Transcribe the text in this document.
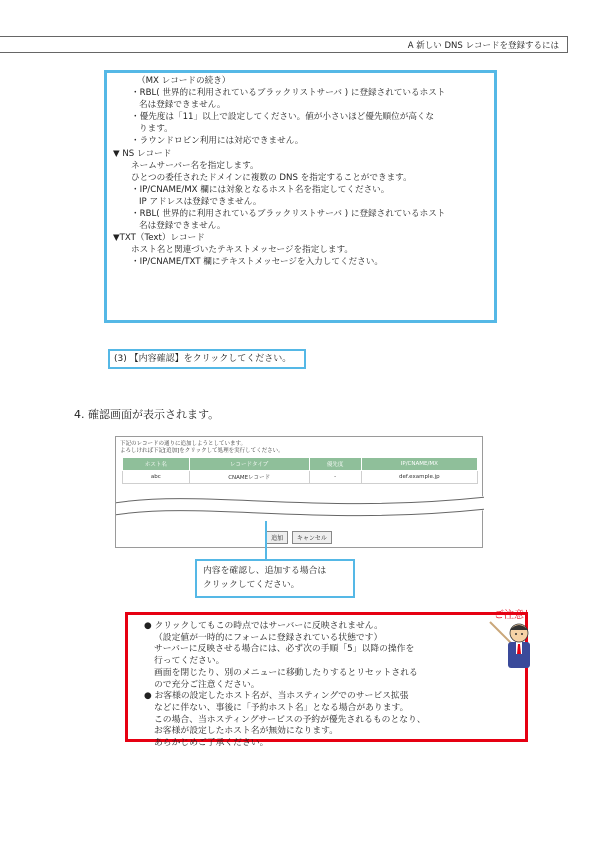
A 新しい DNS レコードを登録するには
（MX レコードの続き）
・RBL( 世界的に利用されているブラックリストサーバ ) に登録されているホスト
名は登録できません。
・優先度は「11」以上で設定してください。値が小さいほど優先順位が高くな
ります。
・ラウンドロビン利用には対応できません。
▼ NS レコード
ネームサーバー名を指定します。
ひとつの委任されたドメインに複数の DNS を指定することができます。
・IP/CNAME/MX 欄には対象となるホスト名を指定してください。
IP アドレスは登録できません。
・RBL( 世界的に利用されているブラックリストサーバ ) に登録されているホスト
名は登録できません。
▼TXT（Text）レコード
ホスト名と関連づいたテキストメッセージを指定します。
・IP/CNAME/TXT 欄にテキストメッセージを入力してください。
(3) 【内容確認】をクリックしてください。
4. 確認画面が表示されます。
下記のレコードの通りに追加しようとしています。
よろしければ下記[追加]をクリックして処理を実行してください。
ホスト名	レコードタイプ	優先度	IP/CNAME/MX
abc	CNAMEレコード	-	def.example.jp
追加 キャンセル
内容を確認し、追加する場合は
クリックしてください。
● クリックしてもこの時点ではサーバーに反映されません。
（設定値が一時的にフォームに登録されている状態です）
サーバーに反映させる場合には、必ず次の手順「5」以降の操作を
行ってください。
画面を閉じたり、別のメニューに移動したりするとリセットされる
ので充分ご注意ください。
● お客様の設定したホスト名が、当ホスティングでのサービス拡張
などに伴ない、事後に「予約ホスト名」となる場合があります。
この場合、当ホスティングサービスの予約が優先されるものとなり、
お客様が設定したホスト名が無効になります。
あらかじめご了承ください。
ご注意！
